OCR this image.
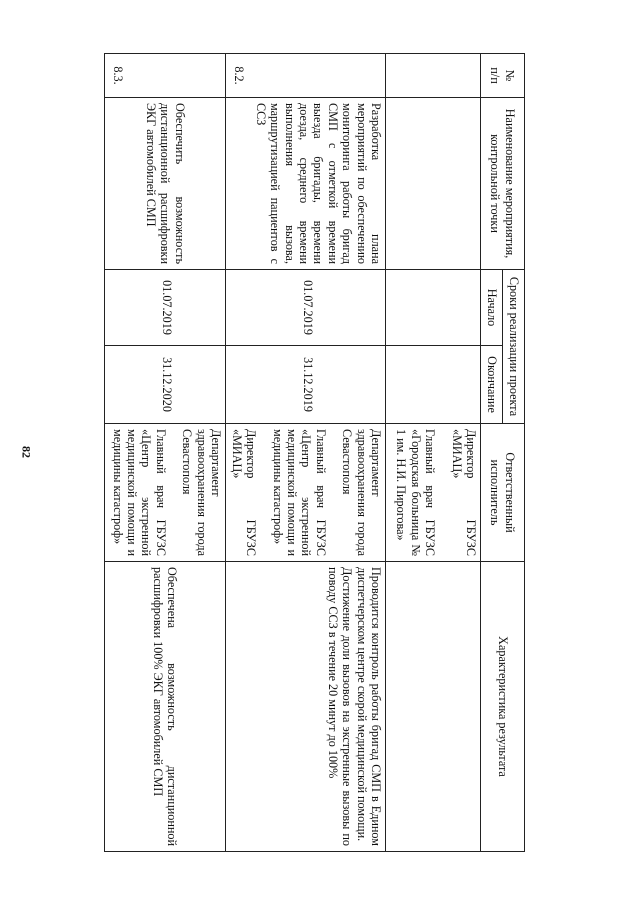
82
№
п/п	Наименование мероприятия, контрольной точки	Сроки реализации проекта		Ответственный исполнитель	Характеристика результата
		Начало	Окончание		

				Директор ГБУЗС «МИАЦ»
Главный врач ГБУЗС «Городская больница № 1 им. Н.И. Пирогова»	

8.2.	Разработка плана мероприятий по обеспечению мониторинга работы бригад СМП с отметкой времени выезда бригады, времени доезда, среднего времени выполнения вызова, маршрутизацией пациентов с ССЗ	01.07.2019	31.12.2019	Департамент здравоохранения города Севастополя
Главный врач ГБУЗС «Центр экстренной медицинской помощи и медицины катастроф»
Директор ГБУЗС «МИАЦ»	Проводится контроль работы бригад СМП в Едином диспетчерском центре скорой медицинской помощи.
Достижение доли вызовов на экстренные вызовы по поводу ССЗ в течение 20 минут до 100%

8.3.	Обеспечить возможность дистанционной расшифровки ЭКГ автомобилей СМП	01.07.2019	31.12.2020	Департамент здравоохранения города Севастополя
Главный врач ГБУЗС «Центр экстренной медицинской помощи и медицины катастроф»	Обеспечена возможность дистанционной расшифровки 100% ЭКГ автомобилей СМП
